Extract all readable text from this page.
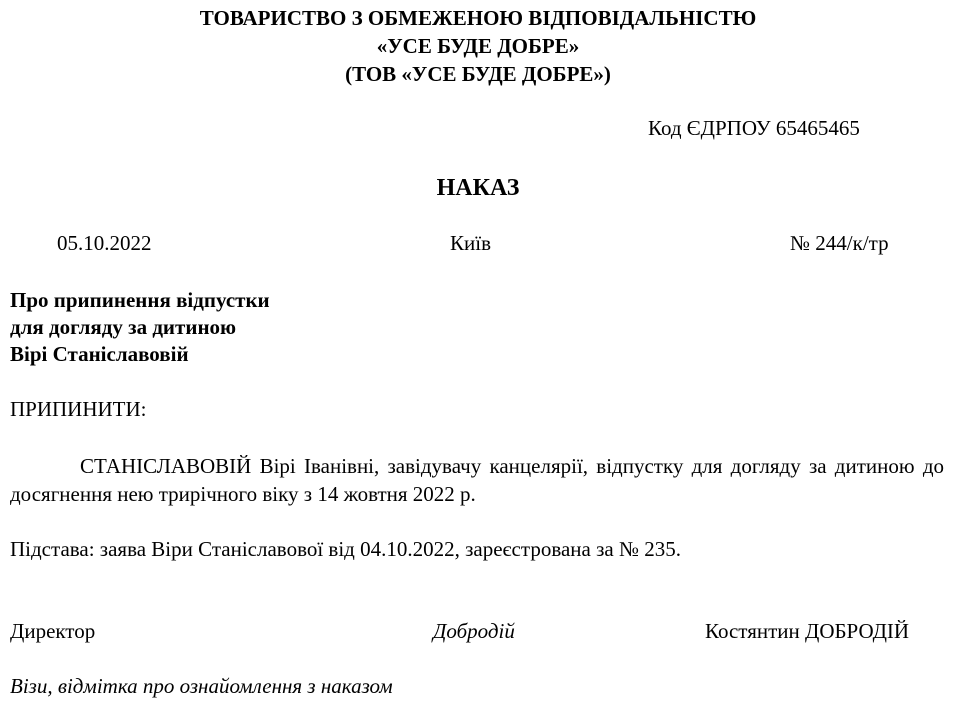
ТОВАРИСТВО З ОБМЕЖЕНОЮ ВІДПОВІДАЛЬНІСТЮ
«УСЕ БУДЕ ДОБРЕ»
(ТОВ «УСЕ БУДЕ ДОБРЕ»)
Код ЄДРПОУ 65465465
НАКАЗ
05.10.2022	Київ	№ 244/к/тр
Про припинення відпустки
для догляду за дитиною
Вірі Станіславовій
ПРИПИНИТИ:
СТАНІСЛАВОВІЙ Вірі Іванівні, завідувачу канцелярії, відпустку для догляду за дитиною до досягнення нею трирічного віку з 14 жовтня 2022 р.
Підстава: заява Віри Станіславової від 04.10.2022, зареєстрована за № 235.
Директор	Добродій	Костянтин ДОБРОДІЙ
Візи, відмітка про ознайомлення з наказом
